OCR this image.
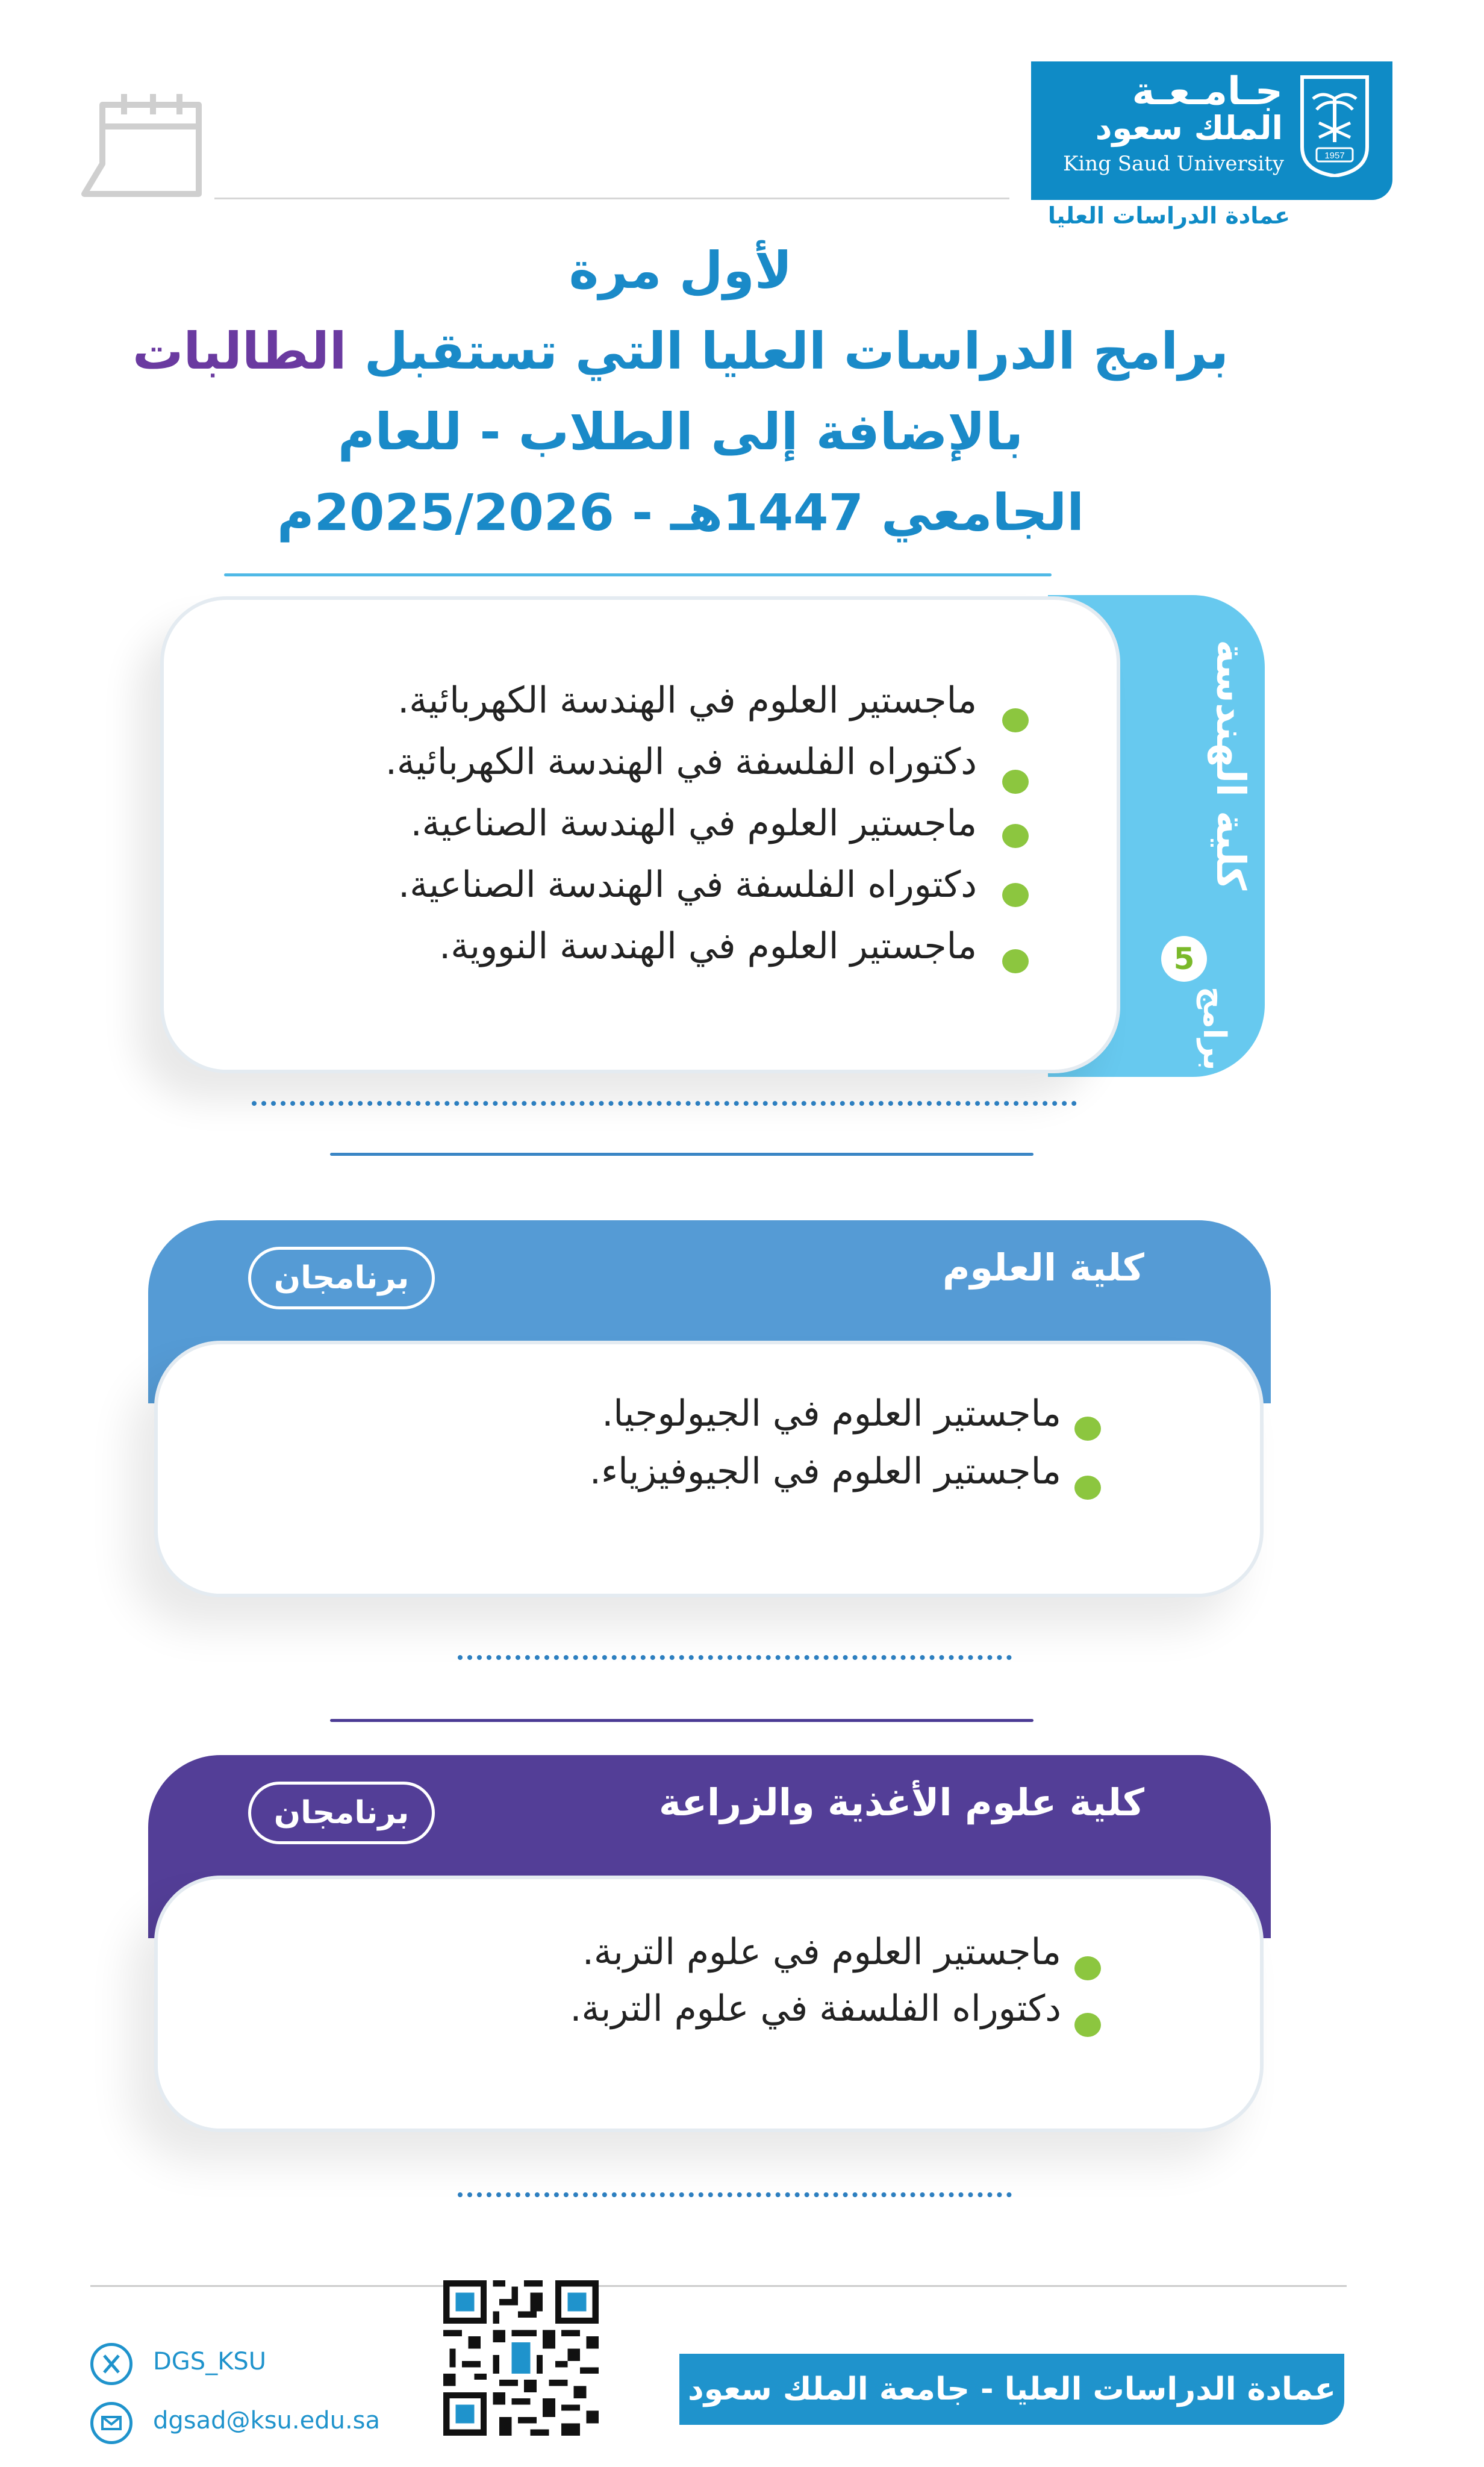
جـامـعـة
الملك سعود
King Saud University	1957
عمادة الدراسات العليا
لأول مرة
برامج الدراسات العليا التي تستقبل الطالبات
بالإضافة إلى الطلاب - للعام
الجامعي 1447هـ - 2025/2026م
كلية الهندسة
5
برامج
ماجستير العلوم في الهندسة الكهربائية.
دكتوراه الفلسفة في الهندسة الكهربائية.
ماجستير العلوم في الهندسة الصناعية.
دكتوراه الفلسفة في الهندسة الصناعية.
ماجستير العلوم في الهندسة النووية.
كلية العلوم
برنامجان
ماجستير العلوم في الجيولوجيا.
ماجستير العلوم في الجيوفيزياء.
كلية علوم الأغذية والزراعة
برنامجان
ماجستير العلوم في علوم التربة.
دكتوراه الفلسفة في علوم التربة.
DGS_KSU
dgsad@ksu.edu.sa
عمادة الدراسات العليا - جامعة الملك سعود
